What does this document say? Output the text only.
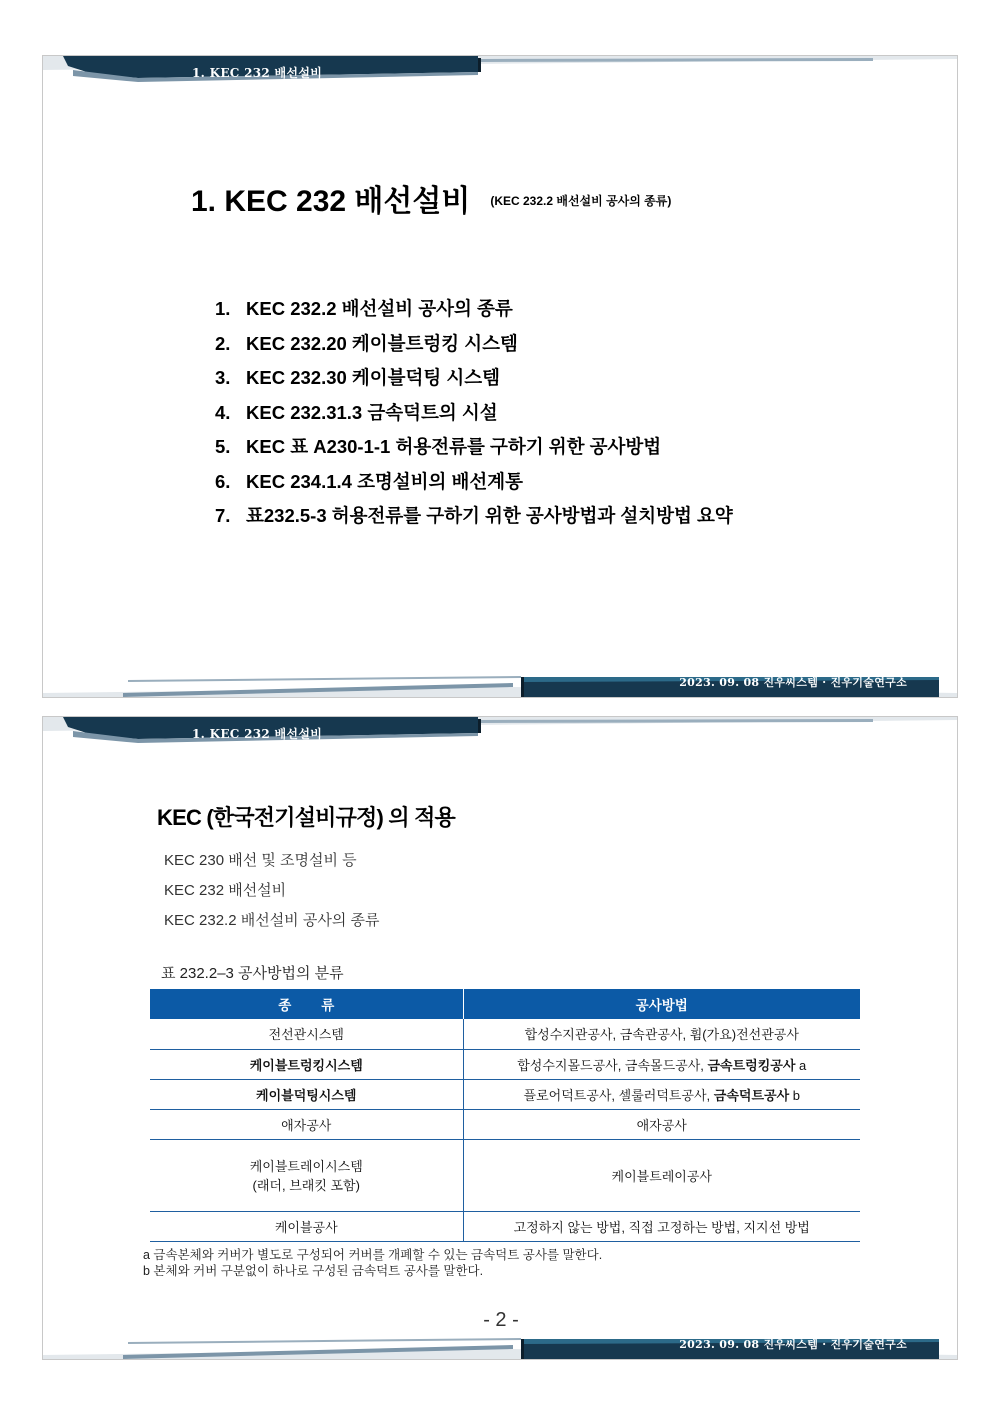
1. KEC 232 배선설비
1. KEC 232 배선설비 $^{(KEC 232.2 배선설비 공사의 종류)}$
1. KEC 232.2 배선설비 공사의 종류
2. KEC 232.20 케이블트렁킹 시스템
3. KEC 232.30 케이블덕팅 시스템
4. KEC 232.31.3 금속덕트의 시설
5. KEC 표 A230-1-1 허용전류를 구하기 위한 공사방법
6. KEC 234.1.4 조명설비의 배선계통
7. 표232.5-3 허용전류를 구하기 위한 공사방법과 설치방법 요약
2023. 09. 08 진우씨스템 · 진우기술연구소
1. KEC 232 배선설비
KEC (한국전기설비규정) 의 적용
KEC 230 배선 및 조명설비 등
KEC 232 배선설비
KEC 232.2 배선설비 공사의 종류
표 232.2–3 공사방법의 분류
종        류	공사방법
전선관시스템	합성수지관공사, 금속관공사, 휨(가요)전선관공사
케이블트렁킹시스템	합성수지몰드공사, 금속몰드공사, 금속트렁킹공사 a
케이블덕팅시스템	플로어덕트공사, 셀룰러덕트공사, 금속덕트공사 b
애자공사	애자공사

케이블트레이시스템
(래더, 브래킷 포함)	케이블트레이공사
케이블공사	고정하지 않는 방법, 직접 고정하는 방법, 지지선 방법
a 금속본체와 커버가 별도로 구성되어 커버를 개폐할 수 있는 금속덕트 공사를 말한다.
b 본체와 커버 구분없이 하나로 구성된 금속덕트 공사를 말한다.
- 2 -
2023. 09. 08 진우씨스템 · 진우기술연구소
